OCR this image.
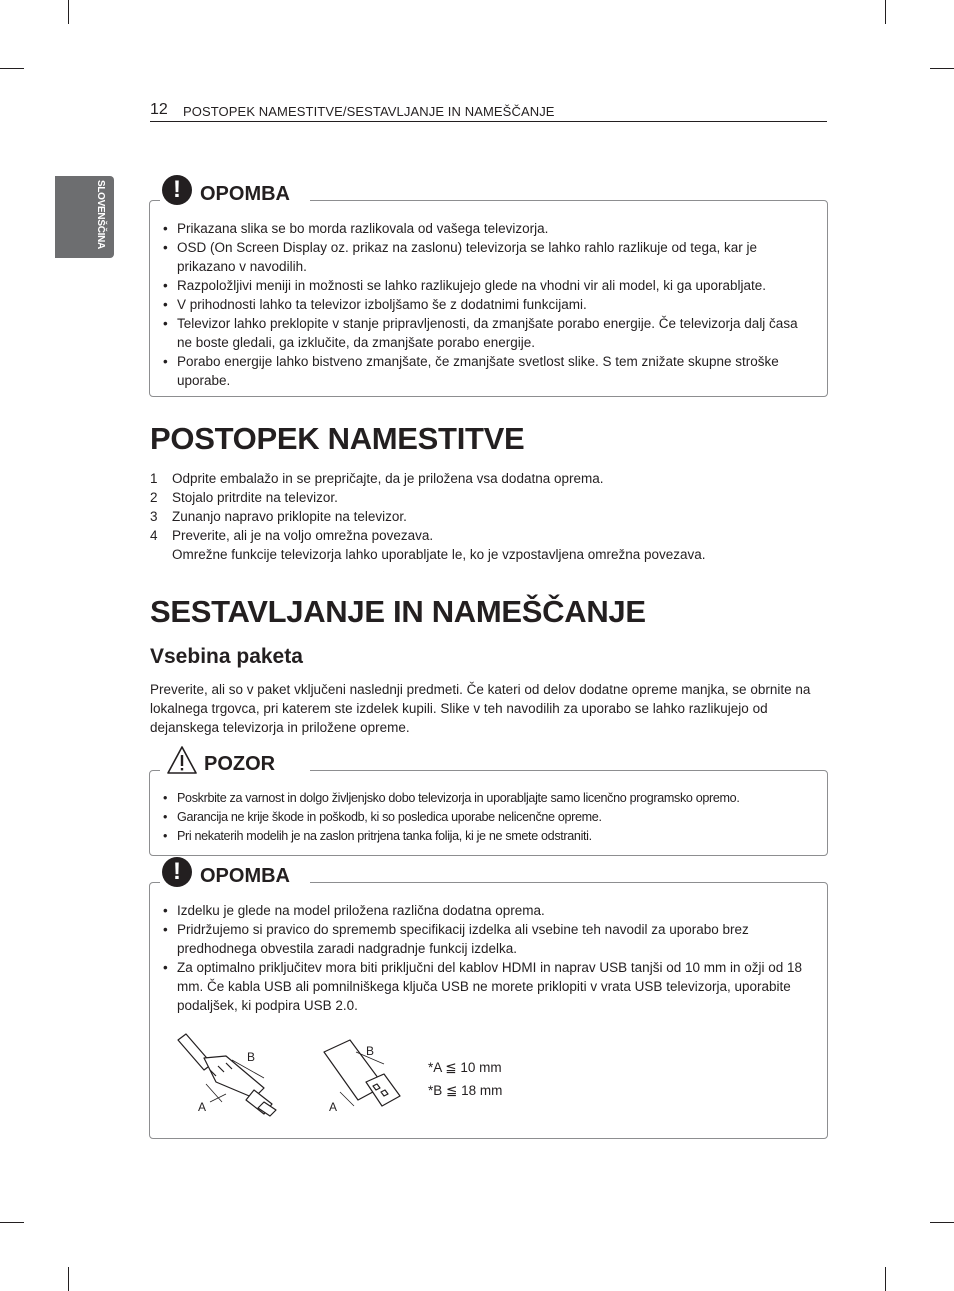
12 POSTOPEK NAMESTITVE/SESTAVLJANJE IN NAMEŠČANJE
SLOVENŠČINA	! OPOMBA
• Prikazana slika se bo morda razlikovala od vašega televizorja.
• OSD (On Screen Display oz. prikaz na zaslonu) televizorja se lahko rahlo razlikuje od tega, kar je prikazano v navodilih.
• Razpoložljivi meniji in možnosti se lahko razlikujejo glede na vhodni vir ali model, ki ga uporabljate.
• V prihodnosti lahko ta televizor izboljšamo še z dodatnimi funkcijami.
• Televizor lahko preklopite v stanje pripravljenosti, da zmanjšate porabo energije. Če televizorja dalj časa ne boste gledali, ga izklučite, da zmanjšate porabo energije.
• Porabo energije lahko bistveno zmanjšate, če zmanjšate svetlost slike. S tem znižate skupne stroške uporabe.
POSTOPEK NAMESTITVE
1 Odprite embalažo in se prepričajte, da je priložena vsa dodatna oprema.
2 Stojalo pritrdite na televizor.
3 Zunanjo napravo priklopite na televizor.
4 Preverite, ali je na voljo omrežna povezava.
Omrežne funkcije televizorja lahko uporabljate le, ko je vzpostavljena omrežna povezava.
SESTAVLJANJE IN NAMEŠČANJE
Vsebina paketa

Preverite, ali so v paket vključeni naslednji predmeti. Če kateri od delov dodatne opreme manjka, se obrnite na lokalnega trgovca, pri katerem ste izdelek kupili. Slike v teh navodilih za uporabo se lahko razlikujejo od dejanskega televizorja in priložene opreme.

POZOR
• Poskrbite za varnost in dolgo življenjsko dobo televizorja in uporabljajte samo licenčno programsko opremo.
• Garancija ne krije škode in poškodb, ki so posledica uporabe nelicenčne opreme.
• Pri nekaterih modelih je na zaslon pritrjena tanka folija, ki je ne smete odstraniti.
! OPOMBA
• Izdelku je glede na model priložena različna dodatna oprema.
• Pridržujemo si pravico do sprememb specifikacij izdelka ali vsebine teh navodil za uporabo brez predhodnega obvestila zaradi nadgradnje funkcij izdelka.
• Za optimalno priključitev mora biti priključni del kablov HDMI in naprav USB tanjši od 10 mm in ožji od 18 mm. Če kabla USB ali pomnilniškega ključa USB ne morete priklopiti v vrata USB televizorja, uporabite podaljšek, ki podpira USB 2.0.
B
A
B
A
*A ≦ 10 mm
*B ≦ 18 mm
